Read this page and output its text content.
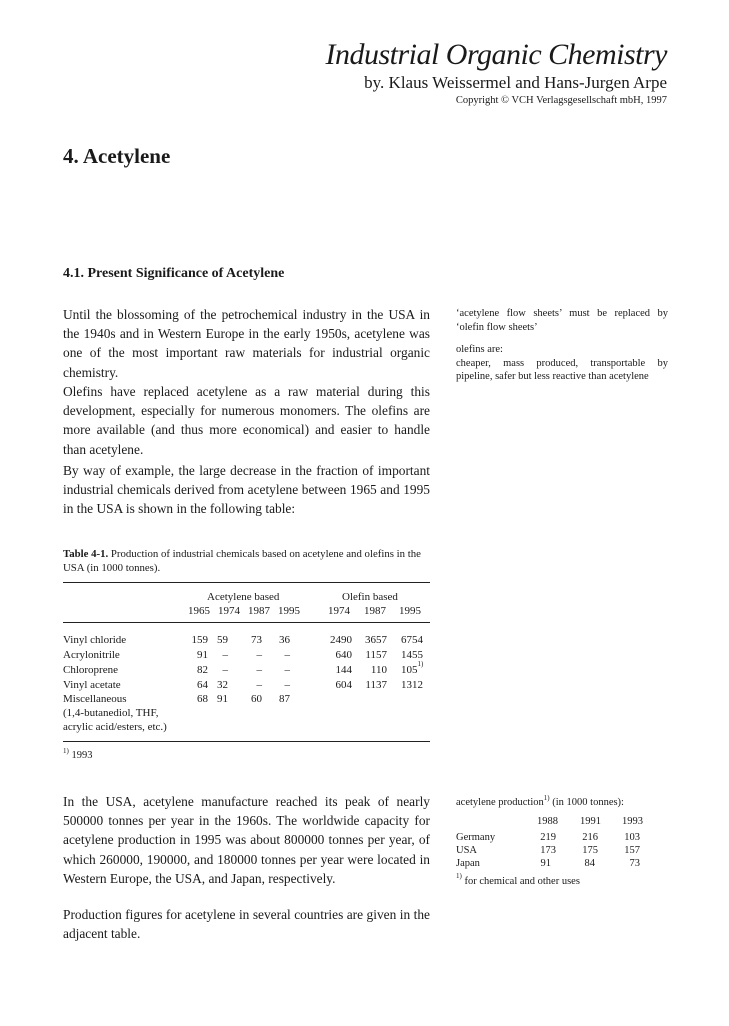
Industrial Organic Chemistry
by. Klaus Weissermel and Hans-Jurgen Arpe
Copyright © VCH Verlagsgesellschaft mbH, 1997
4. Acetylene
4.1. Present Significance of Acetylene

Until the blossoming of the petrochemical industry in the USA in the 1940s and in Western Europe in the early 1950s, acetylene was one of the most important raw materials for industrial organic chemistry.

Olefins have replaced acetylene as a raw material during this development, especially for numerous monomers. The olefins are more available (and thus more economical) and easier to handle than acetylene.

By way of example, the large decrease in the fraction of important industrial chemicals derived from acetylene between 1965 and 1995 in the USA is shown in the following table:

‘acetylene flow sheets’ must be replaced by ‘olefin flow sheets’

olefins are:
cheaper, mass produced, transportable by pipeline, safer but less reactive than acetylene

Table 4-1. Production of industrial chemicals based on acetylene and olefins in the USA (in 1000 tonnes).

Acetylene based	Olefin based
1965 1974 1987 1995	1974 1987 1995
Vinyl chloride	159 59	73	36	2490	3657	6754
Acrylonitrile	91	–	–	–	640	1157	1455
Chloroprene	82	–	–	–	144	110 105$^{1)}$
Vinyl acetate	64 32	–	–	604	1137	1312
Miscellaneous	68 91	60	87
(1,4-butanediol, THF,
acrylic acid/esters, etc.)
$^{1)}$ 1993

In the USA, acetylene manufacture reached its peak of nearly 500000 tonnes per year in the 1960s. The worldwide capacity for acetylene production in 1995 was about 800000 tonnes per year, of which 260000, 190000, and 180000 tonnes per year were located in Western Europe, the USA, and Japan, respectively.

Production figures for acetylene in several countries are given in the adjacent table.

acetylene production$^{1)}$ (in 1000 tonnes):
1988 1991 1993
Germany	219	216	103
USA	173	175	157
Japan	91	84	73
$^{1)}$ for chemical and other uses
